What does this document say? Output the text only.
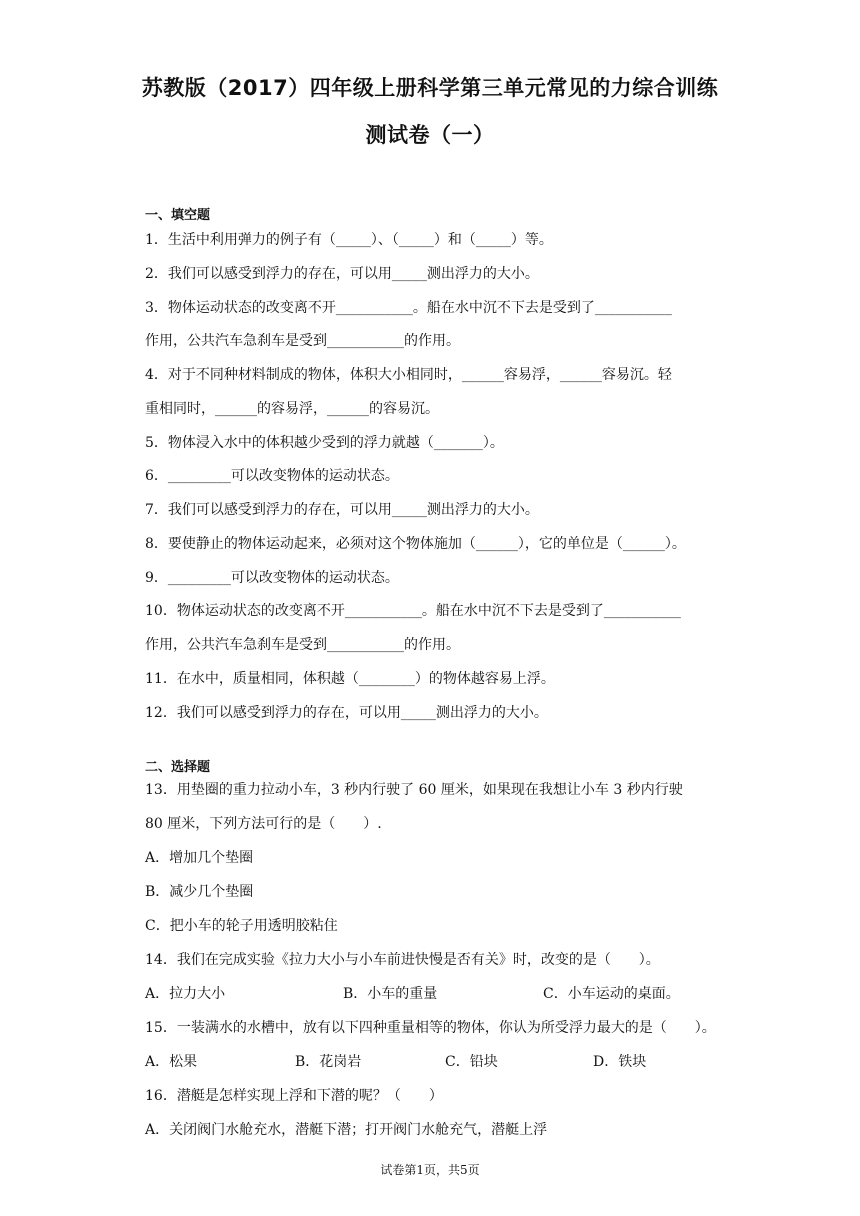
苏教版（2017）四年级上册科学第三单元常见的力综合训练
测试卷（一）
一、填空题
1．生活中利用弹力的例子有（_____）、（_____）和（_____）等。
2．我们可以感受到浮力的存在，可以用_____测出浮力的大小。
3．物体运动状态的改变离不开___________。船在水中沉不下去是受到了___________
作用，公共汽车急刹车是受到___________的作用。
4．对于不同种材料制成的物体，体积大小相同时，______容易浮，______容易沉。轻
重相同时，______的容易浮，______的容易沉。
5．物体浸入水中的体积越少受到的浮力就越（_______）。
6．_________可以改变物体的运动状态。
7．我们可以感受到浮力的存在，可以用_____测出浮力的大小。
8．要使静止的物体运动起来，必须对这个物体施加（______），它的单位是（______）。
9．_________可以改变物体的运动状态。
10．物体运动状态的改变离不开___________。船在水中沉不下去是受到了___________
作用，公共汽车急刹车是受到___________的作用。
11．在水中，质量相同，体积越（________）的物体越容易上浮。
12．我们可以感受到浮力的存在，可以用_____测出浮力的大小。
二、选择题
13．用垫圈的重力拉动小车，3 秒内行驶了 60 厘米，如果现在我想让小车 3 秒内行驶
80 厘米，下列方法可行的是（　　）.
A．增加几个垫圈
B．减少几个垫圈
C．把小车的轮子用透明胶粘住
14．我们在完成实验《拉力大小与小车前进快慢是否有关》时，改变的是（　　）。
A．拉力大小	B．小车的重量	C．小车运动的桌面。
15．一装满水的水槽中，放有以下四种重量相等的物体，你认为所受浮力最大的是（　　）。
A．松果	B．花岗岩	C．铅块	D．铁块
16．潜艇是怎样实现上浮和下潜的呢？（　　）
A．关闭阀门水舱充水，潜艇下潜；打开阀门水舱充气，潜艇上浮
试卷第1页，共5页
